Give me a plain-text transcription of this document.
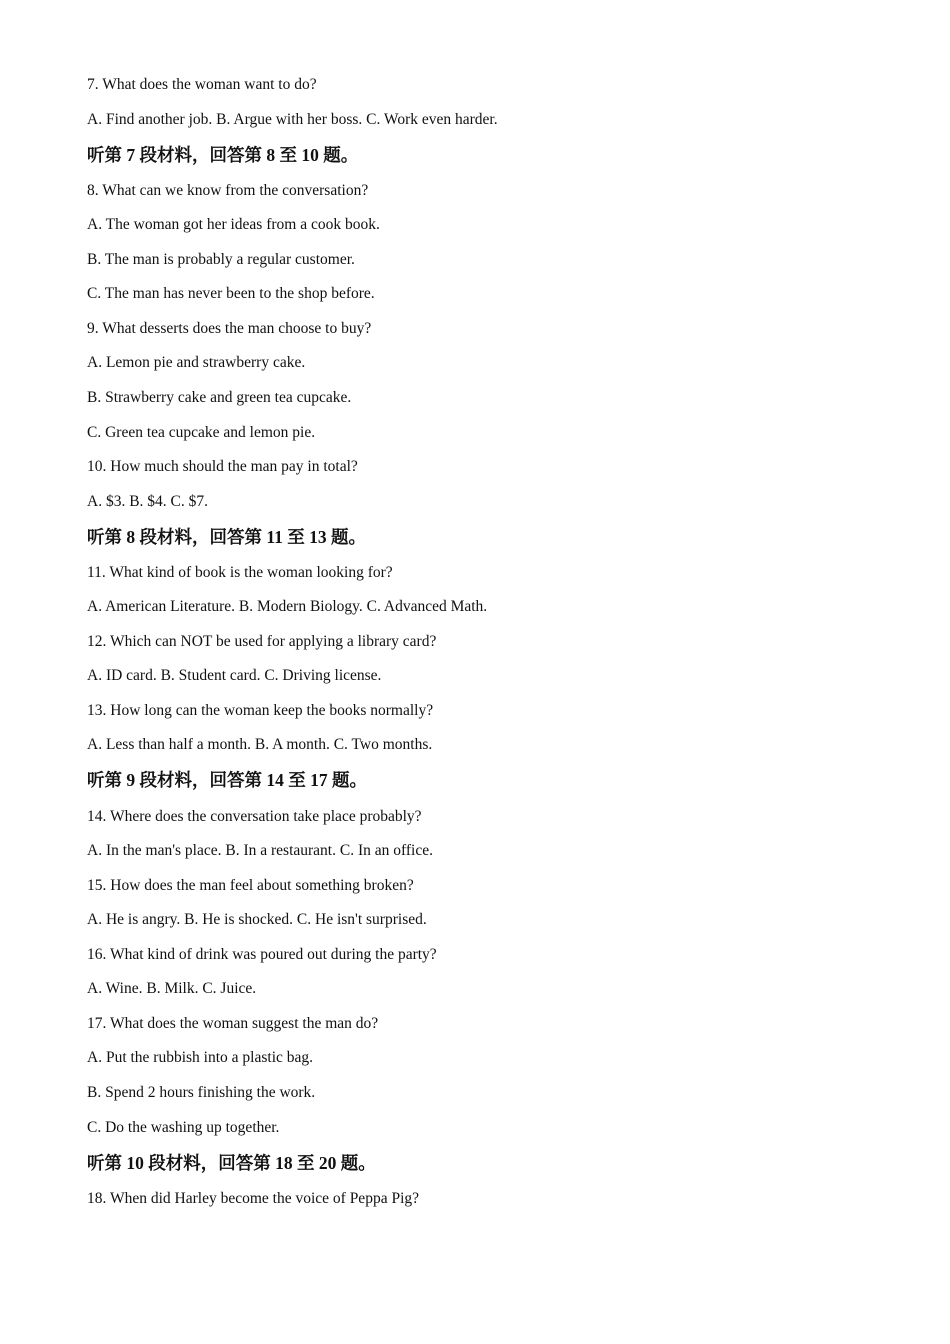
7. What does the woman want to do?
A. Find another job. B. Argue with her boss. C. Work even harder.
听第 7 段材料，回答第 8 至 10 题。
8. What can we know from the conversation?
A. The woman got her ideas from a cook book.
B. The man is probably a regular customer.
C. The man has never been to the shop before.
9. What desserts does the man choose to buy?
A. Lemon pie and strawberry cake.
B. Strawberry cake and green tea cupcake.
C. Green tea cupcake and lemon pie.
10. How much should the man pay in total?
A. $3. B. $4. C. $7.
听第 8 段材料，回答第 11 至 13 题。
11. What kind of book is the woman looking for?
A. American Literature. B. Modern Biology. C. Advanced Math.
12. Which can NOT be used for applying a library card?
A. ID card. B. Student card. C. Driving license.
13. How long can the woman keep the books normally?
A. Less than half a month. B. A month. C. Two months.
听第 9 段材料，回答第 14 至 17 题。
14. Where does the conversation take place probably?
A. In the man's place. B. In a restaurant. C. In an office.
15. How does the man feel about something broken?
A. He is angry. B. He is shocked. C. He isn't surprised.
16. What kind of drink was poured out during the party?
A. Wine. B. Milk. C. Juice.
17. What does the woman suggest the man do?
A. Put the rubbish into a plastic bag.
B. Spend 2 hours finishing the work.
C. Do the washing up together.
听第 10 段材料，回答第 18 至 20 题。
18. When did Harley become the voice of Peppa Pig?
